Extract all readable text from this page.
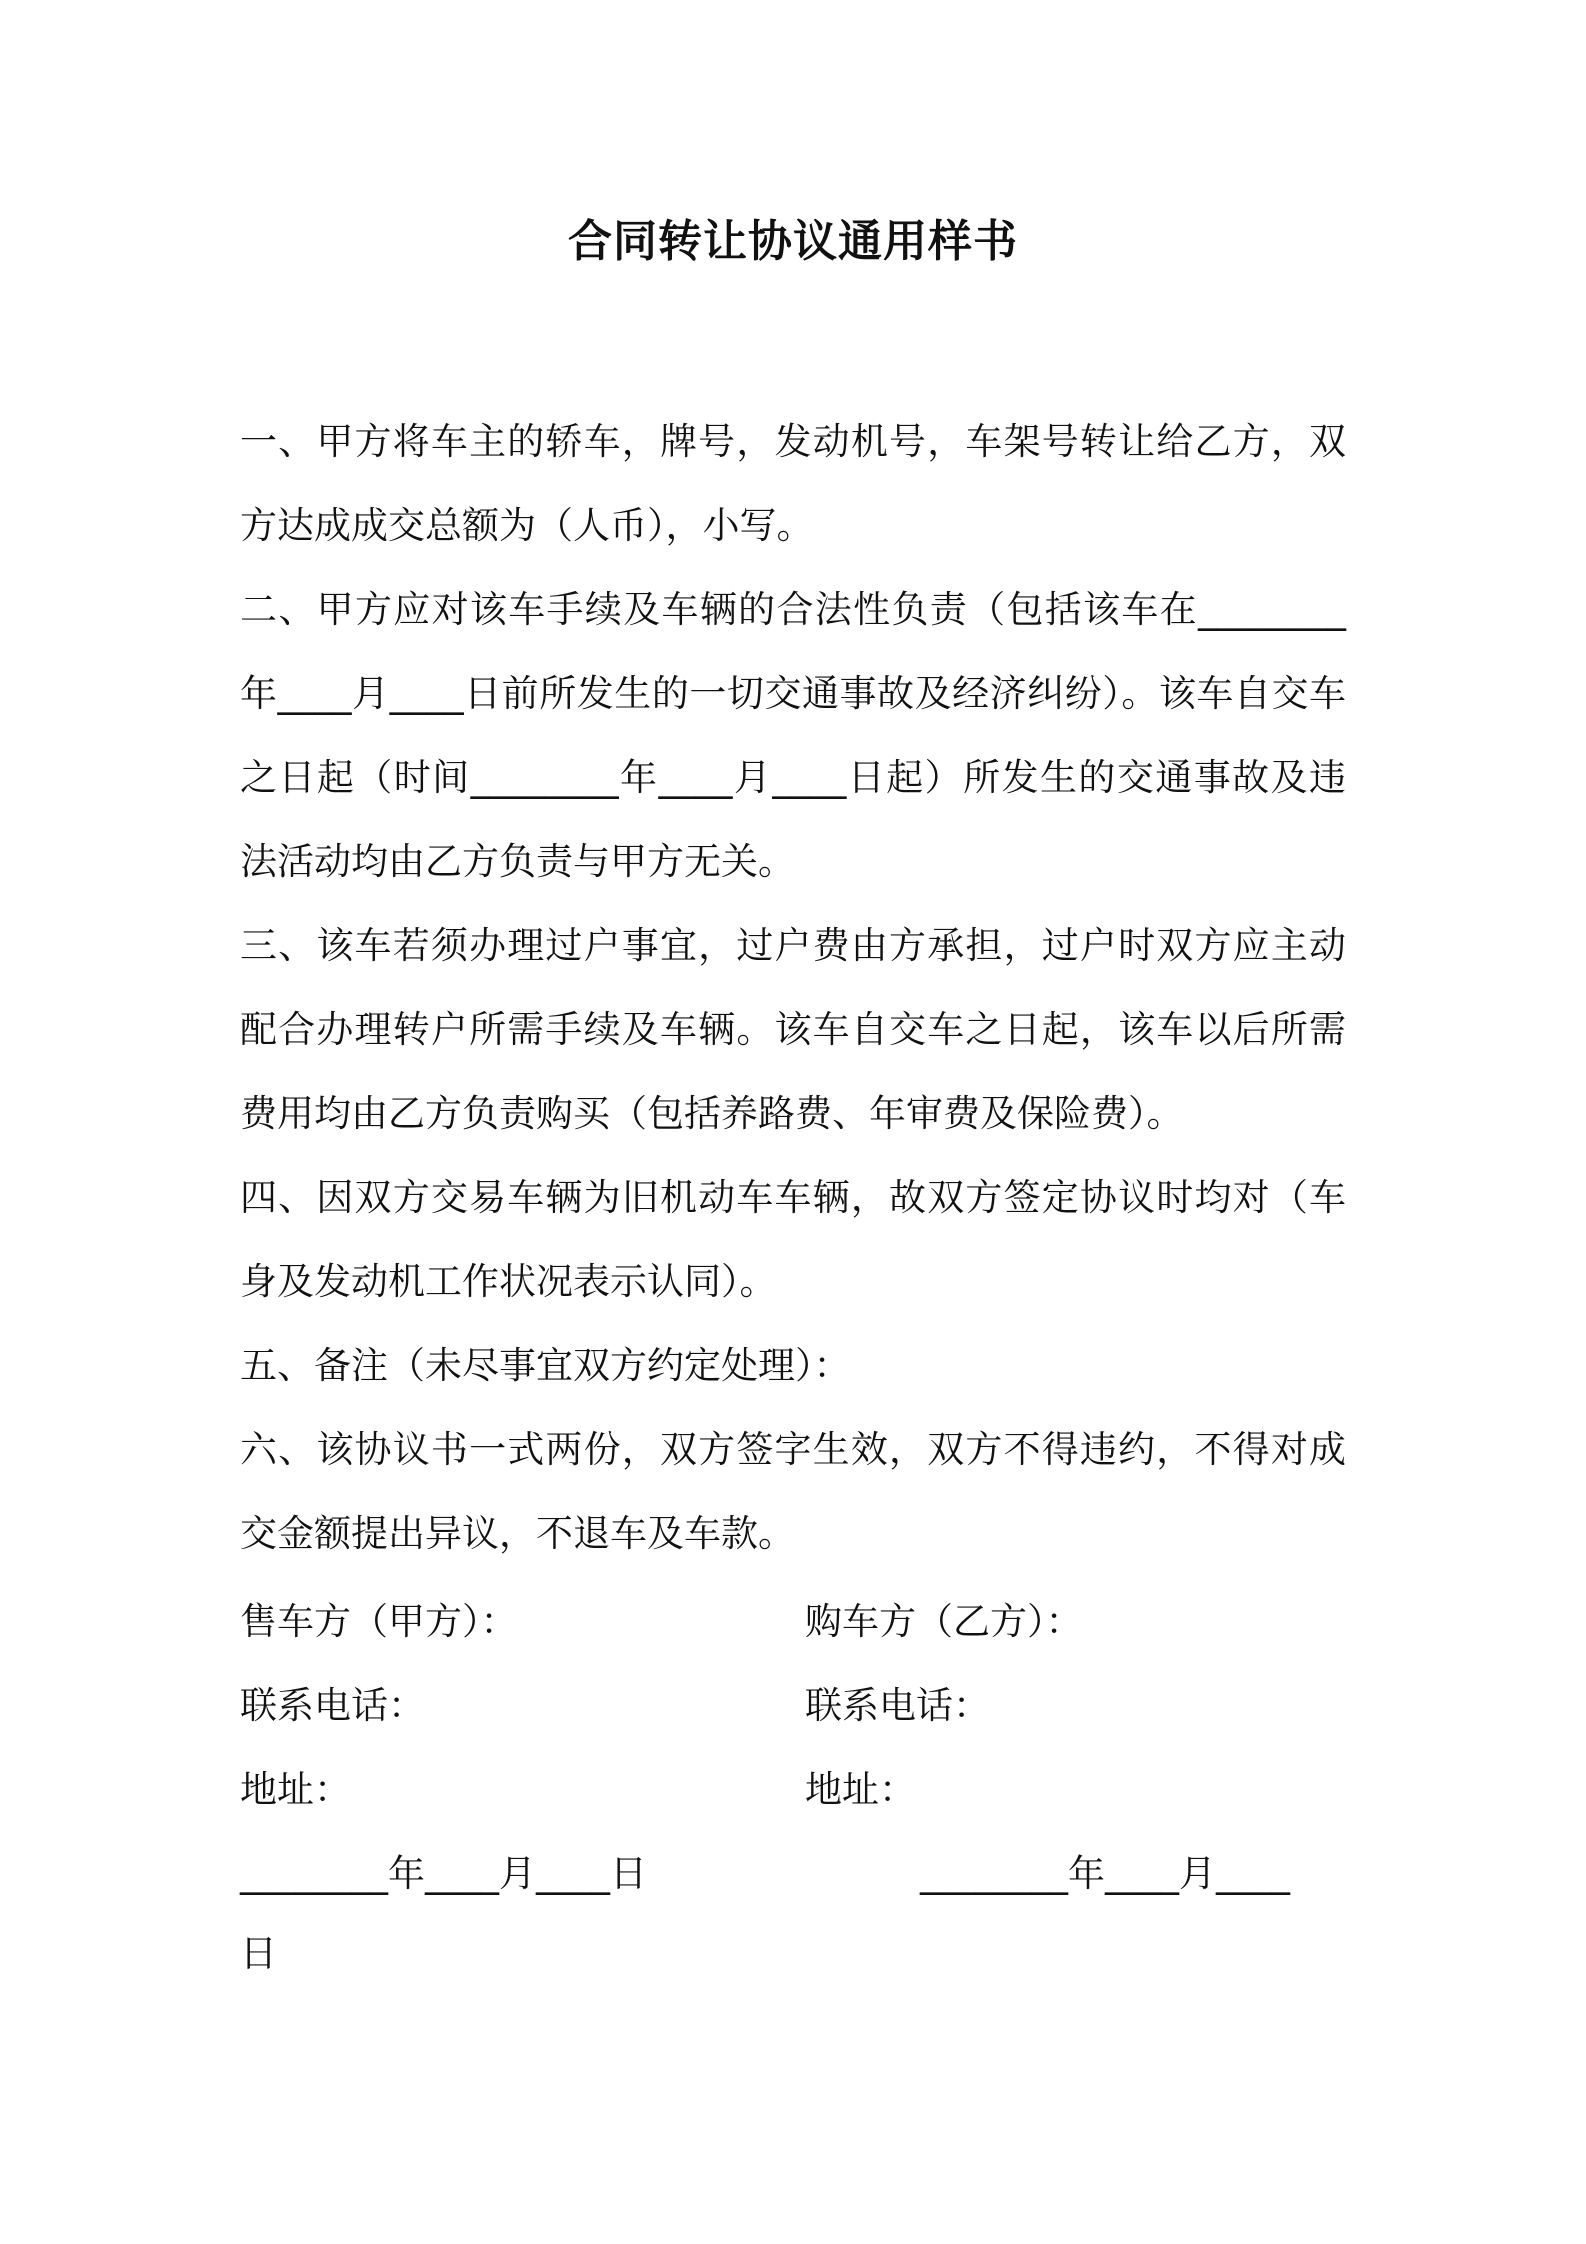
合同转让协议通用样书

一、甲方将车主的轿车，牌号，发动机号，车架号转让给乙方，双方达成成交总额为（人币），小写。

二、甲方应对该车手续及车辆的合法性负责（包括该车在________年____月____日前所发生的一切交通事故及经济纠纷）。该车自交车之日起（时间________年____月____日起）所发生的交通事故及违法活动均由乙方负责与甲方无关。

三、该车若须办理过户事宜，过户费由方承担，过户时双方应主动配合办理转户所需手续及车辆。该车自交车之日起，该车以后所需费用均由乙方负责购买（包括养路费、年审费及保险费）。

四、因双方交易车辆为旧机动车车辆，故双方签定协议时均对（车身及发动机工作状况表示认同）。

五、备注（未尽事宜双方约定处理）：

六、该协议书一式两份，双方签字生效，双方不得违约，不得对成交金额提出异议，不退车及车款。

售车方（甲方）：	购车方（乙方）：
联系电话：	联系电话：
地址：	地址：
________年____月____日	________年____月____
日
